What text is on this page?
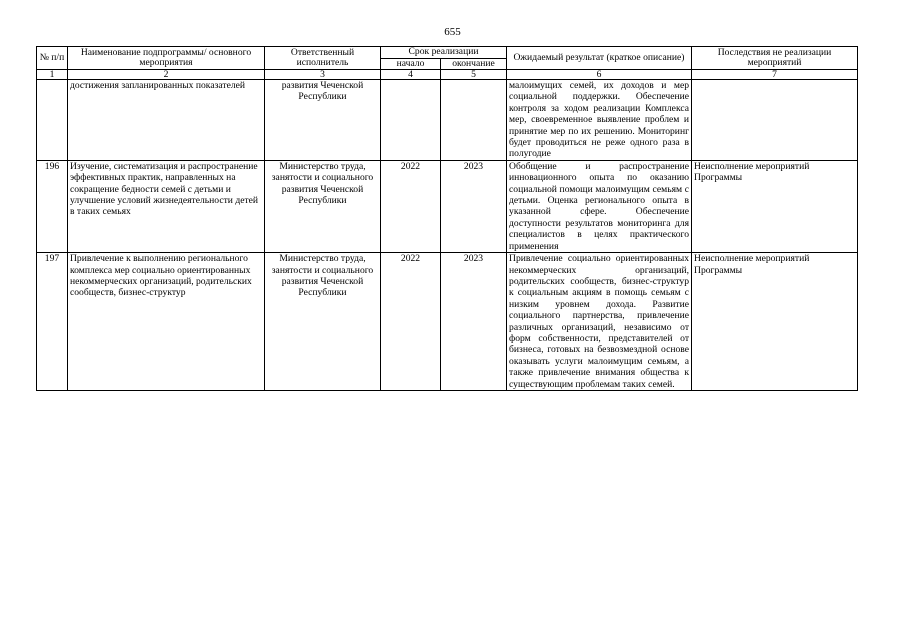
655
№ п/п	Наименование подпрограммы/ основного мероприятия	Ответственный исполнитель	Срок реализации		Ожидаемый результат (краткое описание)	Последствия не реализации мероприятий
			начало	окончание		
1	2	3	4	5	6	7
	достижения запланированных показателей	развития Чеченской Республики			малоимущих семей, их доходов и мер социальной поддержки. Обеспечение контроля за ходом реализации Комплекса мер, своевременное выявление проблем и принятие мер по их решению. Мониторинг будет проводиться не реже одного раза в полугодие	
196	Изучение, систематизация и распространение эффективных практик, направленных на сокращение бедности семей с детьми и улучшение условий жизнедеятельности детей в таких семьях	Министерство труда, занятости и социального развития Чеченской Республики	2022	2023	Обобщение и распространение инновационного опыта по оказанию социальной помощи малоимущим семьям с детьми. Оценка регионального опыта в указанной сфере. Обеспечение доступности результатов мониторинга для специалистов в целях практического применения	Неисполнение мероприятий Программы
197	Привлечение к выполнению регионального комплекса мер социально ориентированных некоммерческих организаций, родительских сообществ, бизнес-структур	Министерство труда, занятости и социального развития Чеченской Республики	2022	2023	Привлечение социально ориентированных некоммерческих организаций, родительских сообществ, бизнес-структур к социальным акциям в помощь семьям с низким уровнем дохода. Развитие социального партнерства, привлечение различных организаций, независимо от форм собственности, представителей от бизнеса, готовых на безвозмездной основе оказывать услуги малоимущим семьям, а также привлечение внимания общества к существующим проблемам таких семей.	Неисполнение мероприятий Программы
